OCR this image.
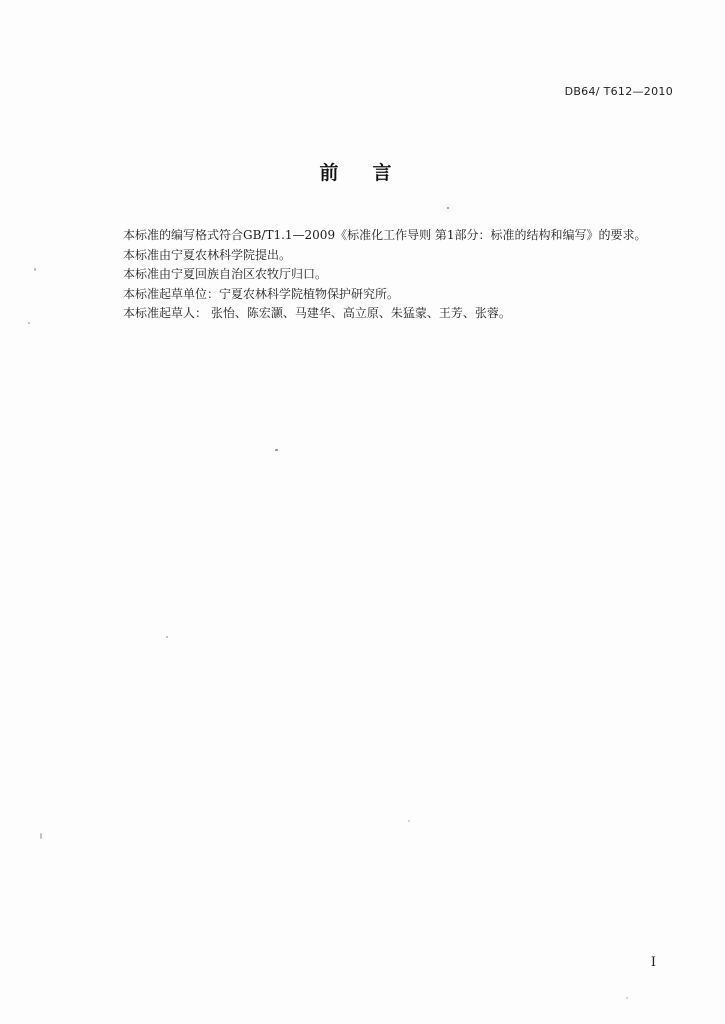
DB64/ T612—2010
前言
本标准的编写格式符合GB/T1.1—2009《标准化工作导则 第1部分：标准的结构和编写》的要求。
本标准由宁夏农林科学院提出。
本标准由宁夏回族自治区农牧厅归口。
本标准起草单位：宁夏农林科学院植物保护研究所。
本标准起草人： 张怡、陈宏灏、马建华、高立原、朱猛蒙、王芳、张蓉。
I
